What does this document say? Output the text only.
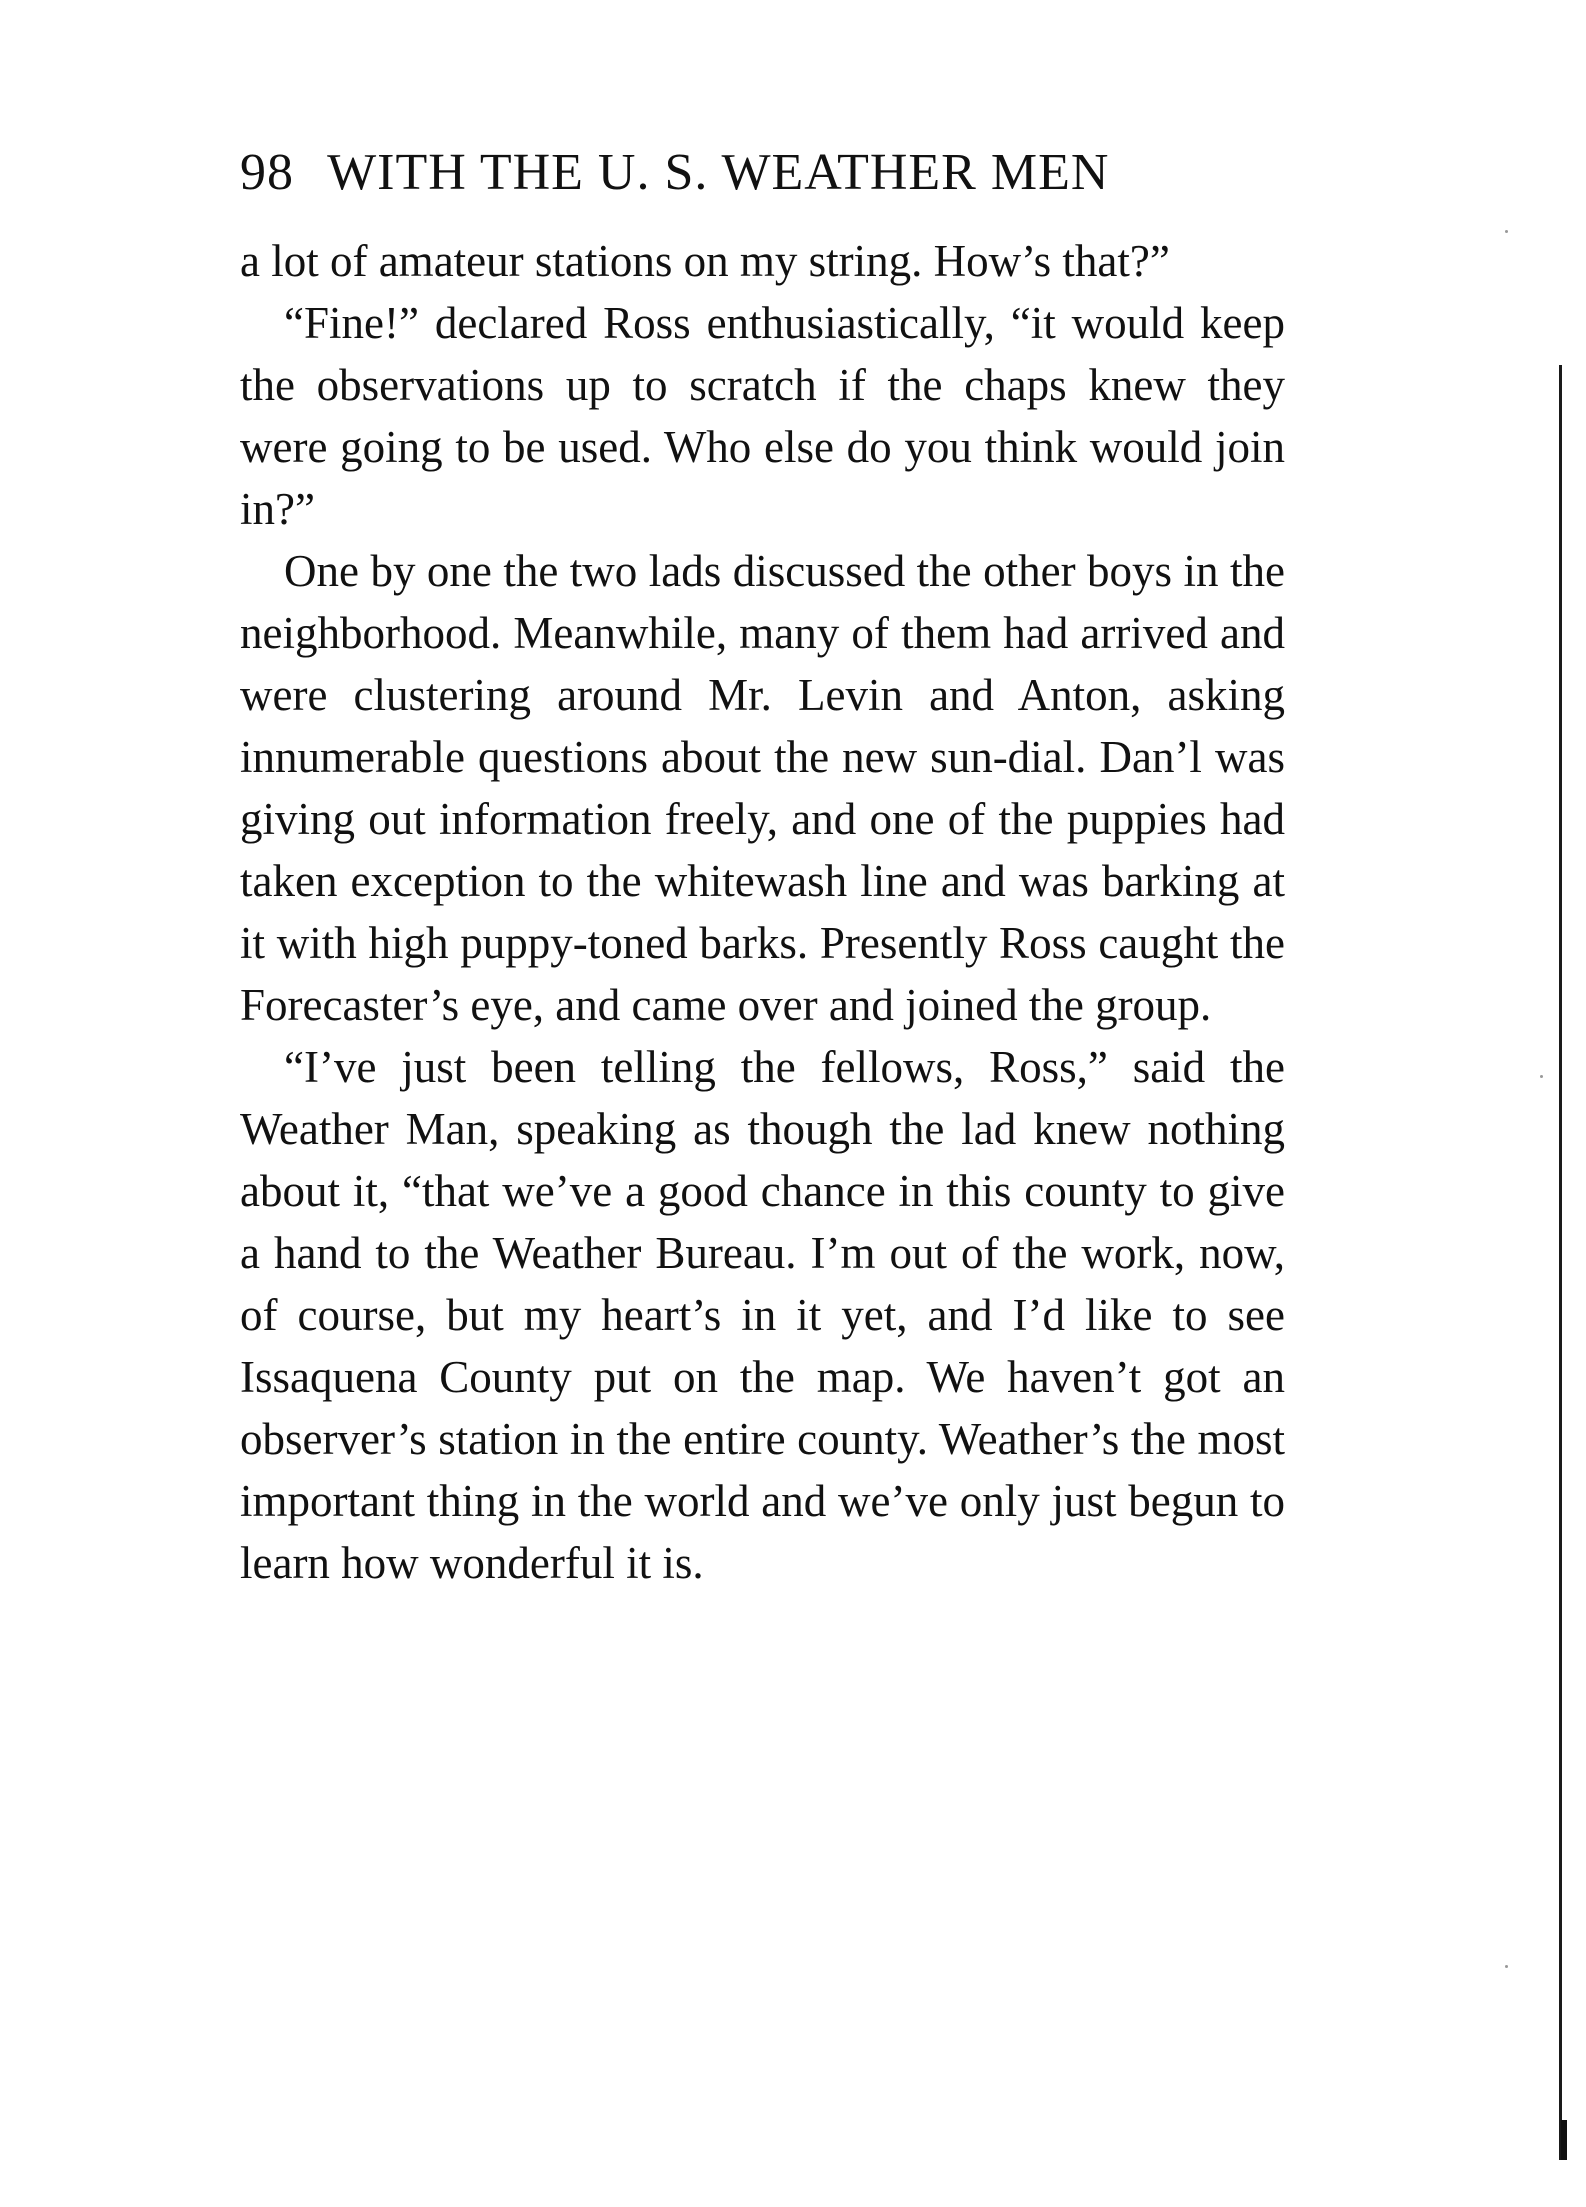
98 WITH THE U. S. WEATHER MEN

a lot of amateur stations on my string. How’s that?”

“Fine!” declared Ross enthusiastically, “it would keep the observations up to scratch if the chaps knew they were going to be used. Who else do you think would join in?”

One by one the two lads discussed the other boys in the neighborhood. Meanwhile, many of them had arrived and were clustering around Mr. Levin and Anton, asking innumerable questions about the new sun-dial. Dan’l was giving out information freely, and one of the puppies had taken exception to the whitewash line and was barking at it with high puppy-toned barks. Presently Ross caught the Forecaster’s eye, and came over and joined the group.

“I’ve just been telling the fellows, Ross,” said the Weather Man, speaking as though the lad knew nothing about it, “that we’ve a good chance in this county to give a hand to the Weather Bureau. I’m out of the work, now, of course, but my heart’s in it yet, and I’d like to see Issaquena County put on the map. We haven’t got an observer’s station in the entire county. Weather’s the most important thing in the world and we’ve only just begun to learn how wonderful it is.
